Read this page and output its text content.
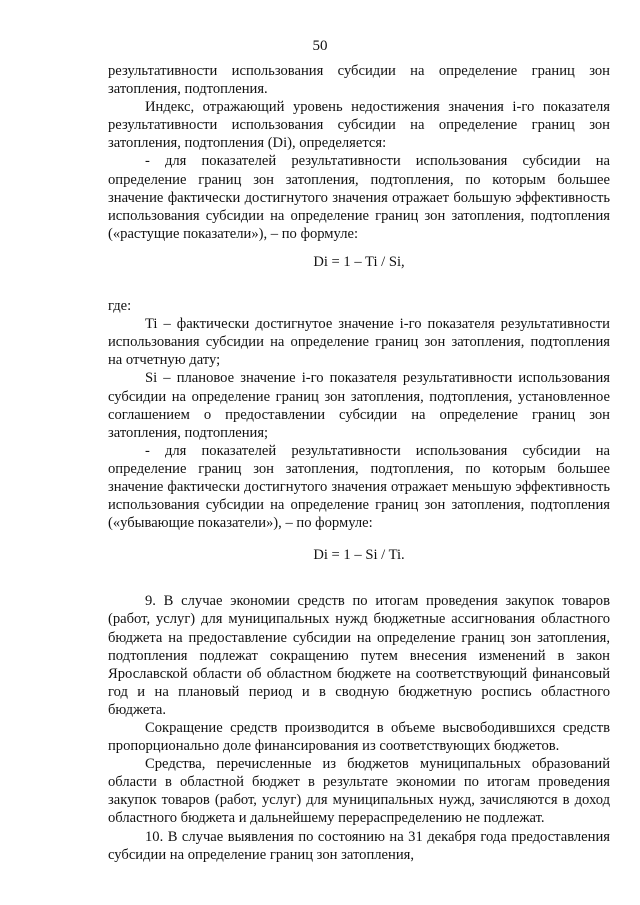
50

результативности использования субсидии на определение границ зон затопления, подтопления.

Индекс, отражающий уровень недостижения значения i-го показателя результативности использования субсидии на определение границ зон затопления, подтопления (Di), определяется:

- для показателей результативности использования субсидии на определение границ зон затопления, подтопления, по которым большее значение фактически достигнутого значения отражает большую эффективность использования субсидии на определение границ зон затопления, подтопления («растущие показатели»), – по формуле:

Di = 1 – Ti / Si,

где:

Ti – фактически достигнутое значение i-го показателя результативности использования субсидии на определение границ зон затопления, подтопления на отчетную дату;

Si – плановое значение i-го показателя результативности использования субсидии на определение границ зон затопления, подтопления, установленное соглашением о предоставлении субсидии на определение границ зон затопления, подтопления;

- для показателей результативности использования субсидии на определение границ зон затопления, подтопления, по которым большее значение фактически достигнутого значения отражает меньшую эффективность использования субсидии на определение границ зон затопления, подтопления («убывающие показатели»), – по формуле:

Di = 1 – Si / Ti.

9. В случае экономии средств по итогам проведения закупок товаров (работ, услуг) для муниципальных нужд бюджетные ассигнования областного бюджета на предоставление субсидии на определение границ зон затопления, подтопления подлежат сокращению путем внесения изменений в закон Ярославской области об областном бюджете на соответствующий финансовый год и на плановый период и в сводную бюджетную роспись областного бюджета.

Сокращение средств производится в объеме высвободившихся средств пропорционально доле финансирования из соответствующих бюджетов.

Средства, перечисленные из бюджетов муниципальных образований области в областной бюджет в результате экономии по итогам проведения закупок товаров (работ, услуг) для муниципальных нужд, зачисляются в доход областного бюджета и дальнейшему перераспределению не подлежат.

10. В случае выявления по состоянию на 31 декабря года предоставления субсидии на определение границ зон затопления,
